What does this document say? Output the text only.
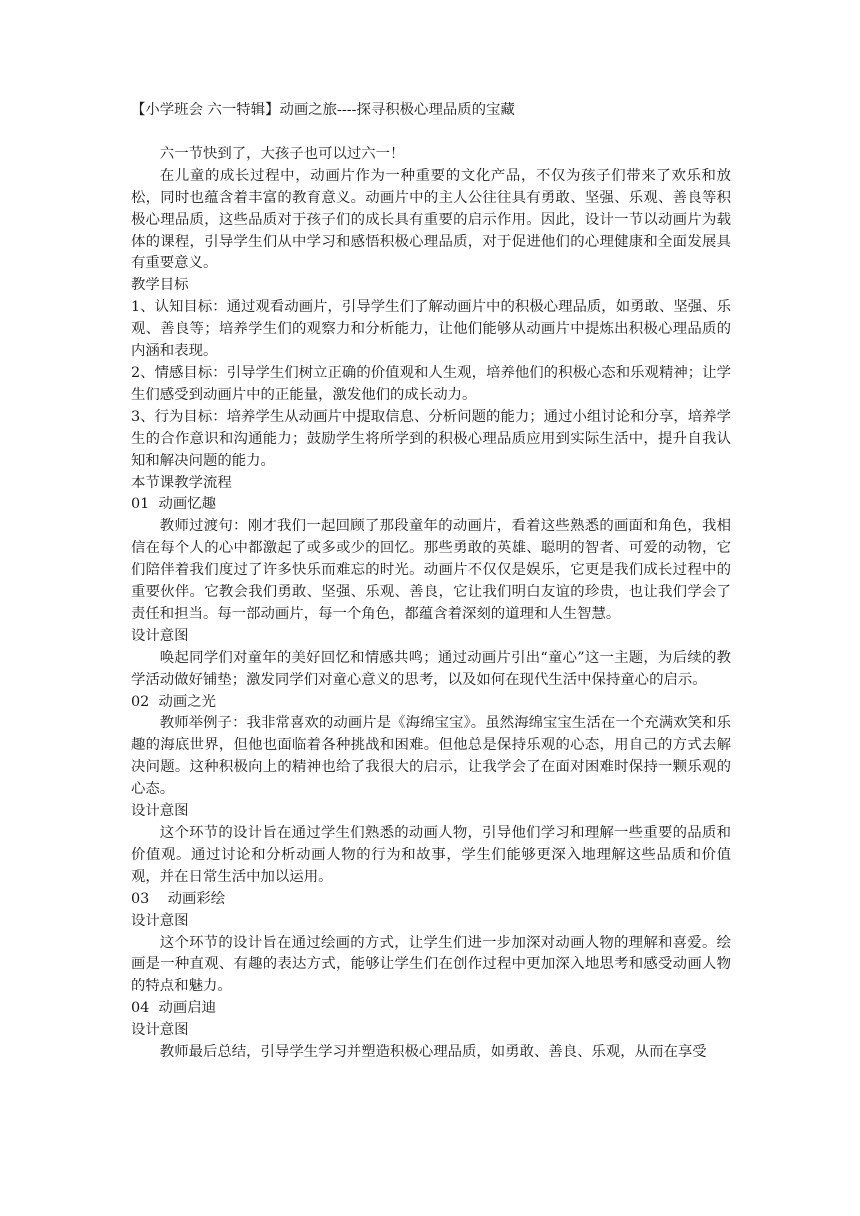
【小学班会 六一特辑】动画之旅----探寻积极心理品质的宝藏

六一节快到了，大孩子也可以过六一！

在儿童的成长过程中，动画片作为一种重要的文化产品，不仅为孩子们带来了欢乐和放松，同时也蕴含着丰富的教育意义。动画片中的主人公往往具有勇敢、坚强、乐观、善良等积极心理品质，这些品质对于孩子们的成长具有重要的启示作用。因此，设计一节以动画片为载体的课程，引导学生们从中学习和感悟积极心理品质，对于促进他们的心理健康和全面发展具有重要意义。

教学目标

1、认知目标：通过观看动画片，引导学生们了解动画片中的积极心理品质，如勇敢、坚强、乐观、善良等；培养学生们的观察力和分析能力，让他们能够从动画片中提炼出积极心理品质的内涵和表现。

2、情感目标：引导学生们树立正确的价值观和人生观，培养他们的积极心态和乐观精神；让学生们感受到动画片中的正能量，激发他们的成长动力。

3、行为目标：培养学生从动画片中提取信息、分析问题的能力；通过小组讨论和分享，培养学生的合作意识和沟通能力；鼓励学生将所学到的积极心理品质应用到实际生活中，提升自我认知和解决问题的能力。

本节课教学流程

01  动画忆趣

教师过渡句：刚才我们一起回顾了那段童年的动画片，看着这些熟悉的画面和角色，我相信在每个人的心中都激起了或多或少的回忆。那些勇敢的英雄、聪明的智者、可爱的动物，它们陪伴着我们度过了许多快乐而难忘的时光。动画片不仅仅是娱乐，它更是我们成长过程中的重要伙伴。它教会我们勇敢、坚强、乐观、善良，它让我们明白友谊的珍贵，也让我们学会了责任和担当。每一部动画片，每一个角色，都蕴含着深刻的道理和人生智慧。

设计意图

唤起同学们对童年的美好回忆和情感共鸣；通过动画片引出“童心”这一主题，为后续的教学活动做好铺垫；激发同学们对童心意义的思考，以及如何在现代生活中保持童心的启示。

02  动画之光

教师举例子：我非常喜欢的动画片是《海绵宝宝》。虽然海绵宝宝生活在一个充满欢笑和乐趣的海底世界，但他也面临着各种挑战和困难。但他总是保持乐观的心态，用自己的方式去解决问题。这种积极向上的精神也给了我很大的启示，让我学会了在面对困难时保持一颗乐观的心态。

设计意图

这个环节的设计旨在通过学生们熟悉的动画人物，引导他们学习和理解一些重要的品质和价值观。通过讨论和分析动画人物的行为和故事，学生们能够更深入地理解这些品质和价值观，并在日常生活中加以运用。

03    动画彩绘

设计意图

这个环节的设计旨在通过绘画的方式，让学生们进一步加深对动画人物的理解和喜爱。绘画是一种直观、有趣的表达方式，能够让学生们在创作过程中更加深入地思考和感受动画人物的特点和魅力。

04  动画启迪

设计意图

教师最后总结，引导学生学习并塑造积极心理品质，如勇敢、善良、乐观，从而在享受
